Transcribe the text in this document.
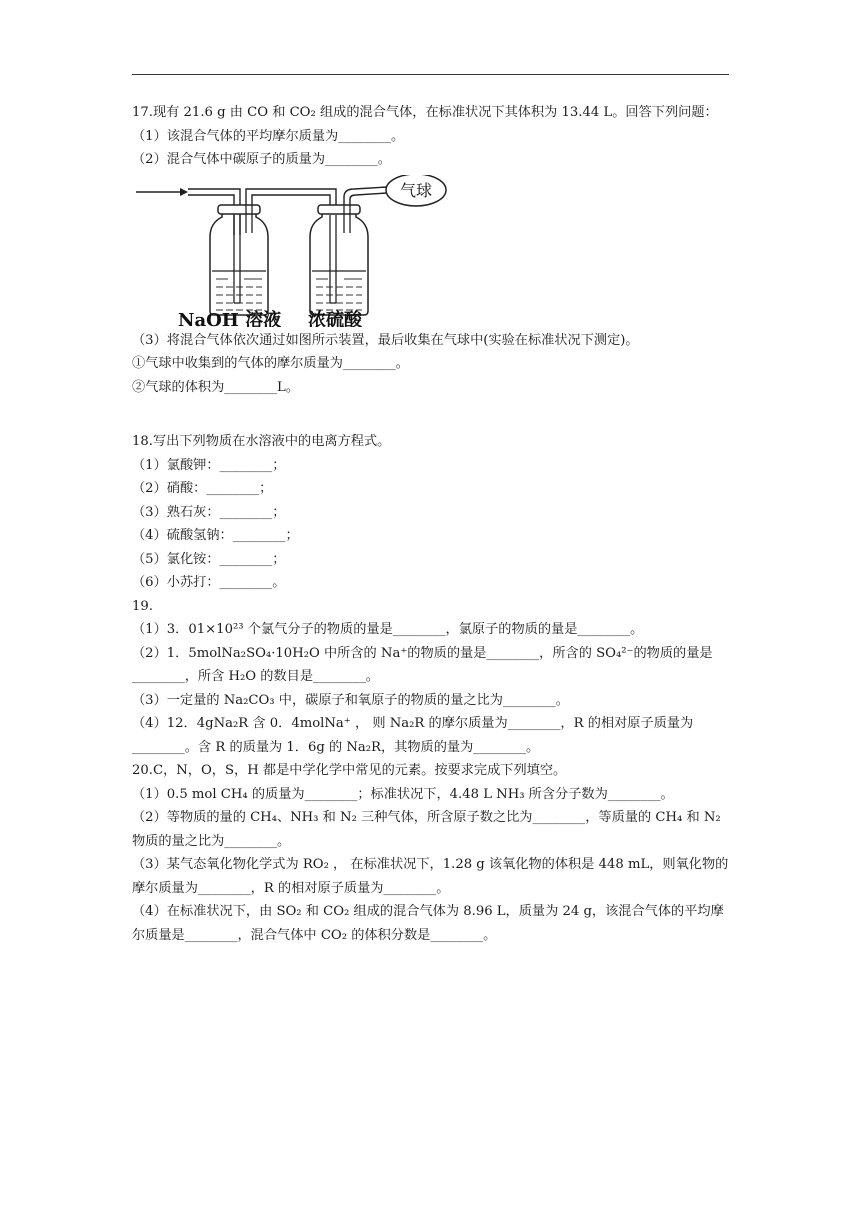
17.现有 21.6 g 由 CO 和 CO₂ 组成的混合气体，在标准状况下其体积为 13.44 L。回答下列问题：
（1）该混合气体的平均摩尔质量为________。
（2）混合气体中碳原子的质量为________。
气球
NaOH 溶液 浓硫酸
（3）将混合气体依次通过如图所示装置，最后收集在气球中(实验在标准状况下测定)。
①气球中收集到的气体的摩尔质量为________。
②气球的体积为________L。
18.写出下列物质在水溶液中的电离方程式。
（1）氯酸钾：________；
（2）硝酸：________；
（3）熟石灰：________；
（4）硫酸氢钠：________；
（5）氯化铵：________；
（6）小苏打：________。
19.
（1）3．01×10²³ 个氯气分子的物质的量是________，氯原子的物质的量是________。
（2）1．5molNa₂SO₄·10H₂O 中所含的 Na⁺的物质的量是________，所含的 SO₄²⁻的物质的量是________，所含 H₂O 的数目是________。
（3）一定量的 Na₂CO₃ 中，碳原子和氧原子的物质的量之比为________。
（4）12．4gNa₂R 含 0．4molNa⁺ ， 则 Na₂R 的摩尔质量为________，R 的相对原子质量为________。含 R 的质量为 1．6g 的 Na₂R，其物质的量为________。
20.C，N，O，S，H 都是中学化学中常见的元素。按要求完成下列填空。
（1）0.5 mol CH₄ 的质量为________；标准状况下，4.48 L NH₃ 所含分子数为________。
（2）等物质的量的 CH₄、NH₃ 和 N₂ 三种气体，所含原子数之比为________，等质量的 CH₄ 和 N₂ 物质的量之比为________。
（3）某气态氧化物化学式为 RO₂ ， 在标准状况下，1.28 g 该氧化物的体积是 448 mL，则氧化物的摩尔质量为________，R 的相对原子质量为________。
（4）在标准状况下，由 SO₂ 和 CO₂ 组成的混合气体为 8.96 L，质量为 24 g，该混合气体的平均摩尔质量是________，混合气体中 CO₂ 的体积分数是________。
